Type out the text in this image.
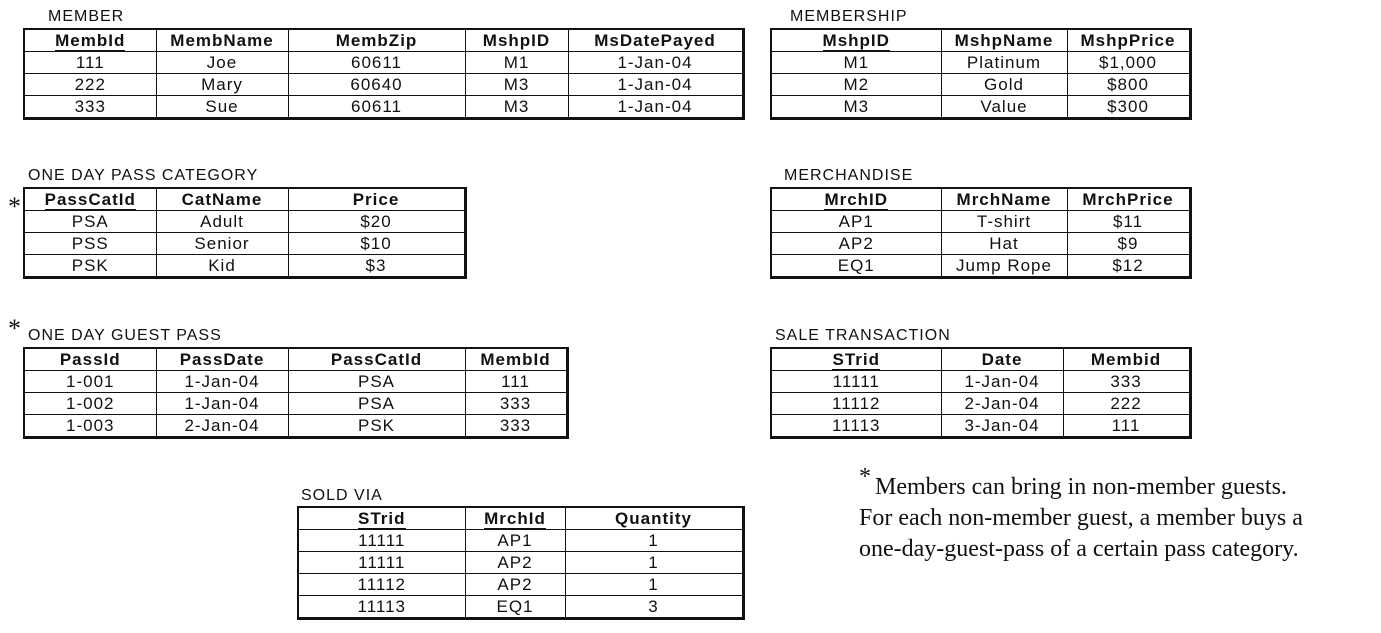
MEMBER
MembId	MembName	MembZip	MshpID	MsDatePayed
111	Joe	60611	M1	1-Jan-04
222	Mary	60640	M3	1-Jan-04
333	Sue	60611	M3	1-Jan-04
MEMBERSHIP
MshpID	MshpName	MshpPrice
M1	Platinum	$1,000
M2	Gold	$800
M3	Value	$300
ONE DAY PASS CATEGORY
* PassCatId	CatName	Price
PSA	Adult	$20
PSS	Senior	$10
PSK	Kid	$3
MERCHANDISE
MrchID	MrchName	MrchPrice
AP1	T-shirt	$11
AP2	Hat	$9
EQ1	Jump Rope	$12
* ONE DAY GUEST PASS
PassId	PassDate	PassCatId	MembId
1-001	1-Jan-04	PSA	111
1-002	1-Jan-04	PSA	333
1-003	2-Jan-04	PSK	333
SALE TRANSACTION
STrid	Date	Membid
11111	1-Jan-04	333
11112	2-Jan-04	222
11113	3-Jan-04	111
SOLD VIA
STrid	MrchId	Quantity
11111	AP1	1
11111	AP2	1
11112	AP2	1
11113	EQ1	3
* Members can bring in non-member guests.
For each non-member guest, a member buys a
one-day-guest-pass of a certain pass category.
